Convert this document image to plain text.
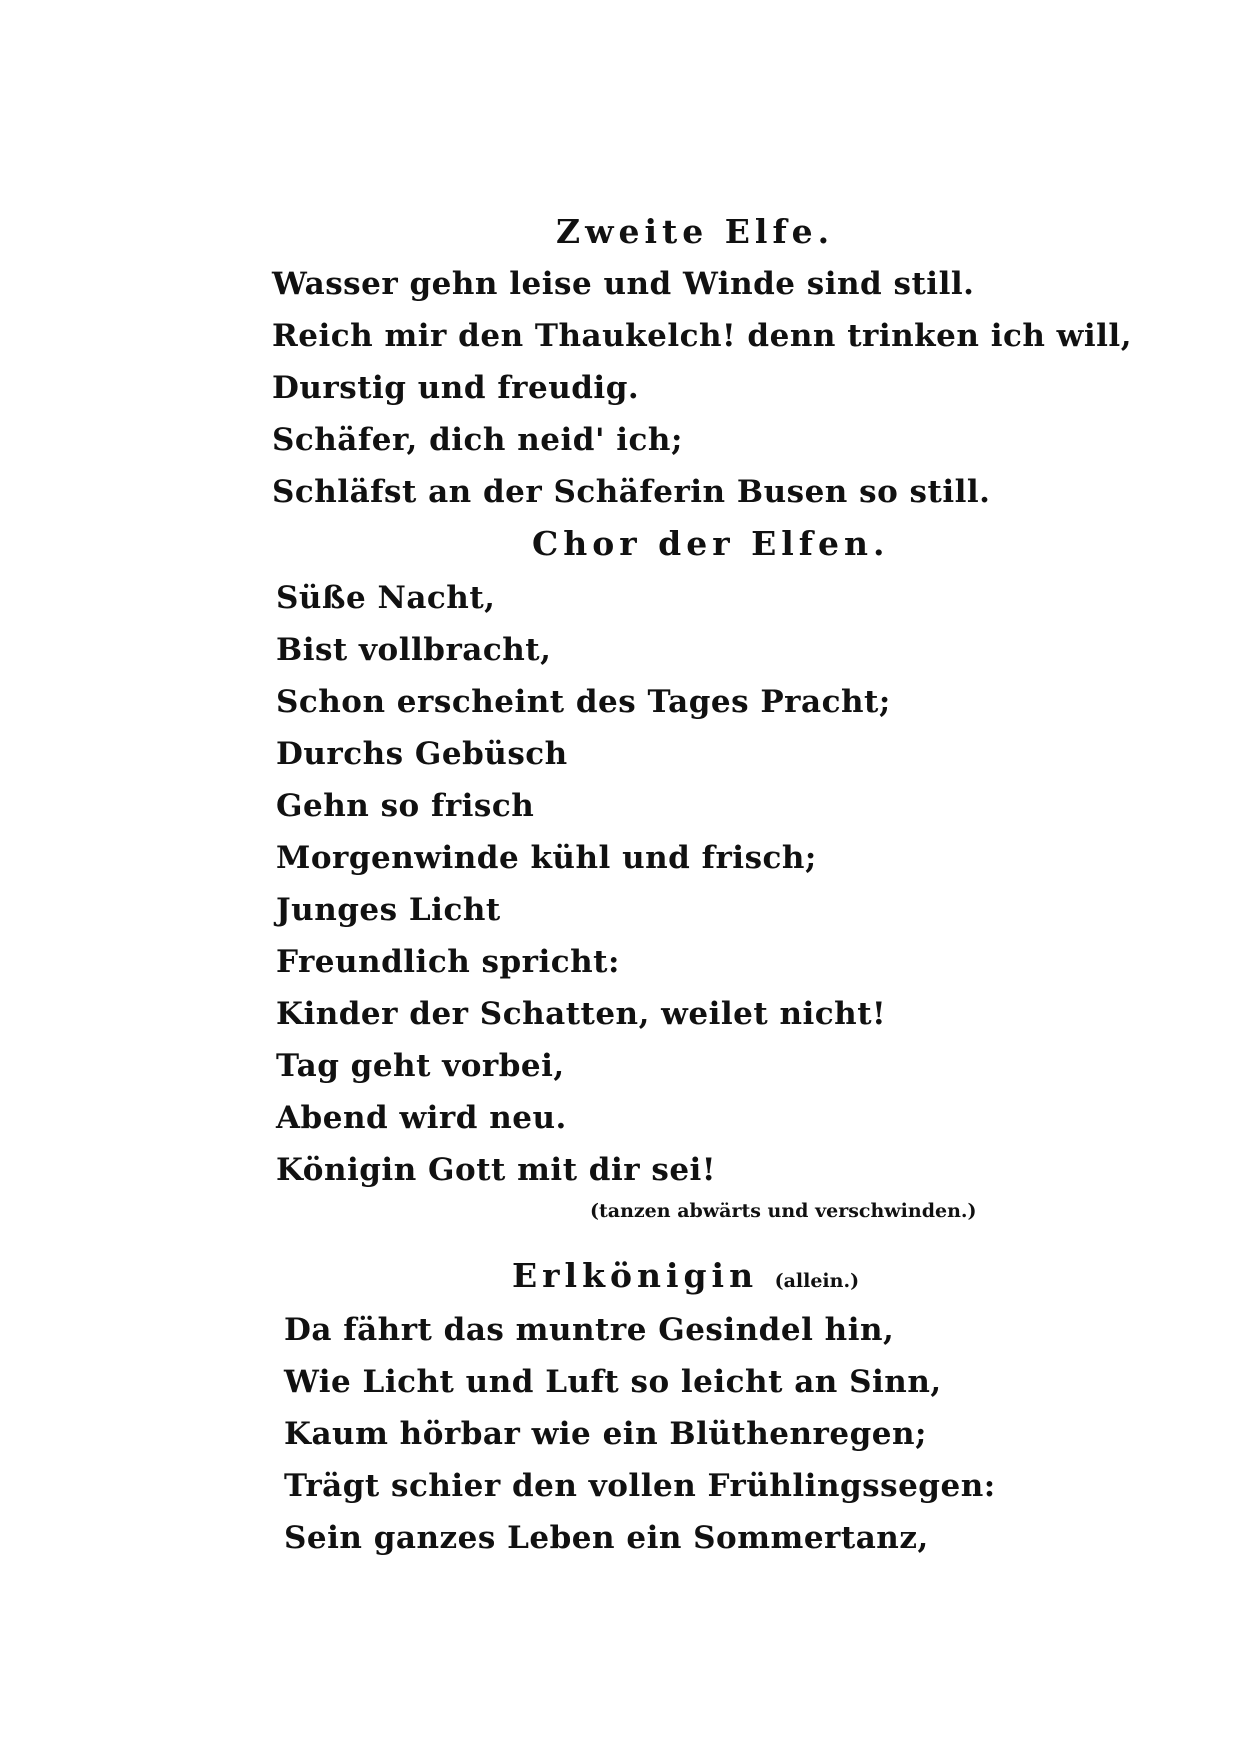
Zweite Elfe.
Wasser gehn leise und Winde sind still.
Reich mir den Thaukelch! denn trinken ich will,
Durstig und freudig.
Schäfer, dich neid' ich;
Schläfst an der Schäferin Busen so still.
Chor der Elfen.
Süße Nacht,
Bist vollbracht,
Schon erscheint des Tages Pracht;
Durchs Gebüsch
Gehn so frisch
Morgenwinde kühl und frisch;
Junges Licht
Freundlich spricht:
Kinder der Schatten, weilet nicht!
Tag geht vorbei,
Abend wird neu.
Königin Gott mit dir sei!
(tanzen abwärts und verschwinden.)
Erlkönigin (allein.)
Da fährt das muntre Gesindel hin,
Wie Licht und Luft so leicht an Sinn,
Kaum hörbar wie ein Blüthenregen;
Trägt schier den vollen Frühlingssegen:
Sein ganzes Leben ein Sommertanz,
